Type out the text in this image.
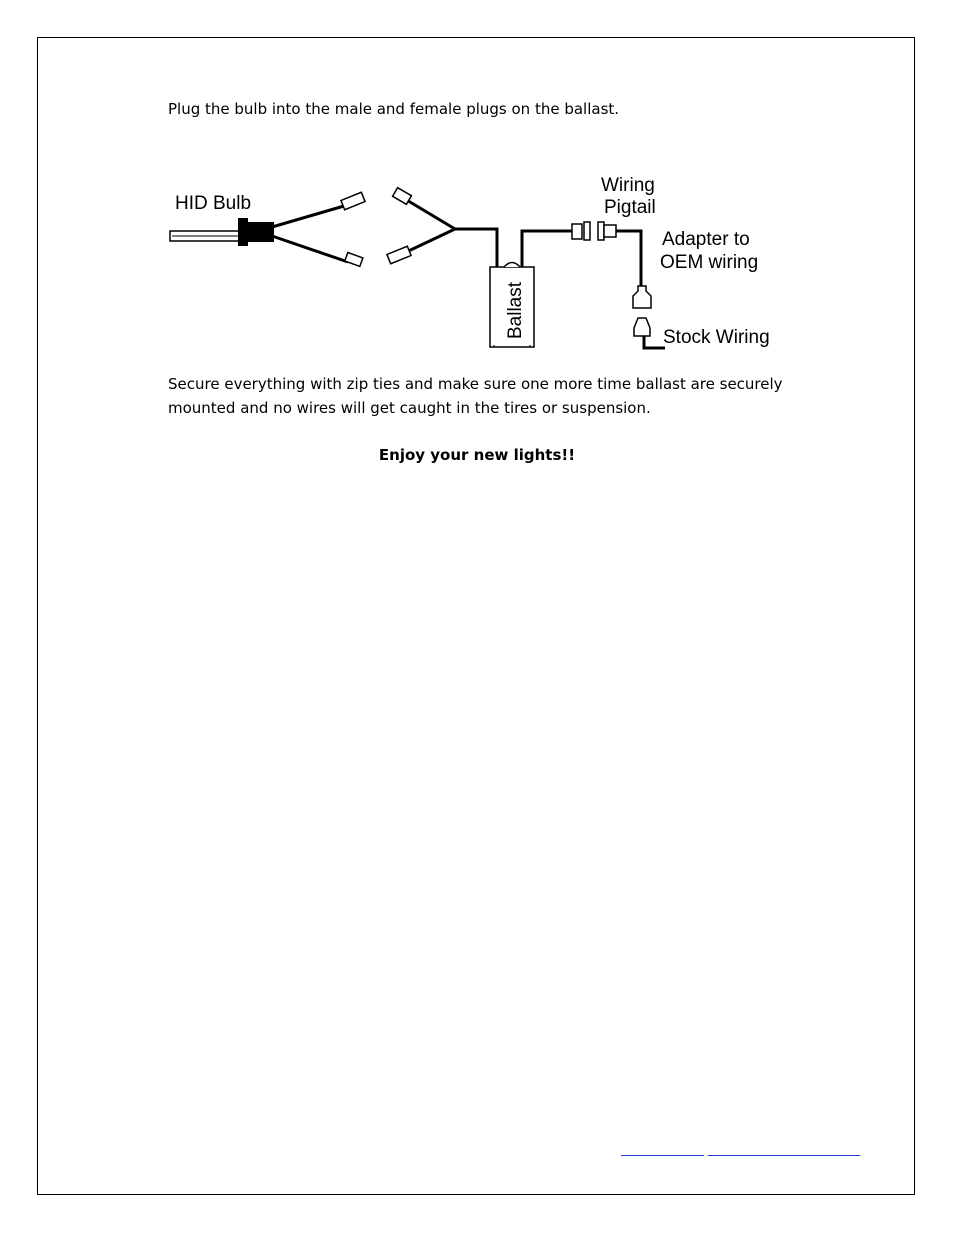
Plug the bulb into the male and female plugs on the ballast.

Ballast
HID Bulb
Wiring
Pigtail
Adapter to
OEM wiring
Stock Wiring

Secure everything with zip ties and make sure one more time ballast are securely mounted and no wires will get caught in the tires or suspension.

Enjoy your new lights!!
